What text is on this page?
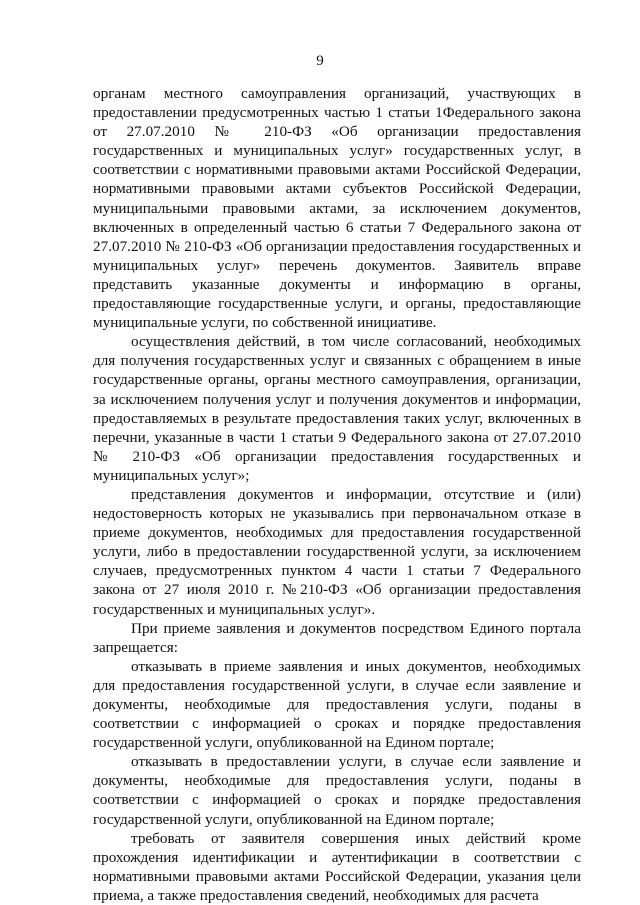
9

органам местного самоуправления организаций, участвующих в предоставлении предусмотренных частью 1 статьи 1Федерального закона от 27.07.2010 № 210-ФЗ «Об организации предоставления государственных и муниципальных услуг» государственных услуг, в соответствии с нормативными правовыми актами Российской Федерации, нормативными правовыми актами субъектов Российской Федерации, муниципальными правовыми актами, за исключением документов, включенных в определенный частью 6 статьи 7 Федерального закона от 27.07.2010 № 210-ФЗ «Об организации предоставления государственных и муниципальных услуг» перечень документов. Заявитель вправе представить указанные документы и информацию в органы, предоставляющие государственные услуги, и органы, предоставляющие муниципальные услуги, по собственной инициативе.

осуществления действий, в том числе согласований, необходимых для получения государственных услуг и связанных с обращением в иные государственные органы, органы местного самоуправления, организации, за исключением получения услуг и получения документов и информации, предоставляемых в результате предоставления таких услуг, включенных в перечни, указанные в части 1 статьи 9 Федерального закона от 27.07.2010 № 210-ФЗ «Об организации предоставления государственных и муниципальных услуг»;

представления документов и информации, отсутствие и (или) недостоверность которых не указывались при первоначальном отказе в приеме документов, необходимых для предоставления государственной услуги, либо в предоставлении государственной услуги, за исключением случаев, предусмотренных пунктом 4 части 1 статьи 7 Федерального закона от 27 июля 2010 г. №210-ФЗ «Об организации предоставления государственных и муниципальных услуг».

При приеме заявления и документов посредством Единого портала запрещается:

отказывать в приеме заявления и иных документов, необходимых для предоставления государственной услуги, в случае если заявление и документы, необходимые для предоставления услуги, поданы в соответствии с информацией о сроках и порядке предоставления государственной услуги, опубликованной на Едином портале;

отказывать в предоставлении услуги, в случае если заявление и документы, необходимые для предоставления услуги, поданы в соответствии с информацией о сроках и порядке предоставления государственной услуги, опубликованной на Едином портале;

требовать от заявителя совершения иных действий кроме прохождения идентификации и аутентификации в соответствии с нормативными правовыми актами Российской Федерации, указания цели приема, а также предоставления сведений, необходимых для расчета
